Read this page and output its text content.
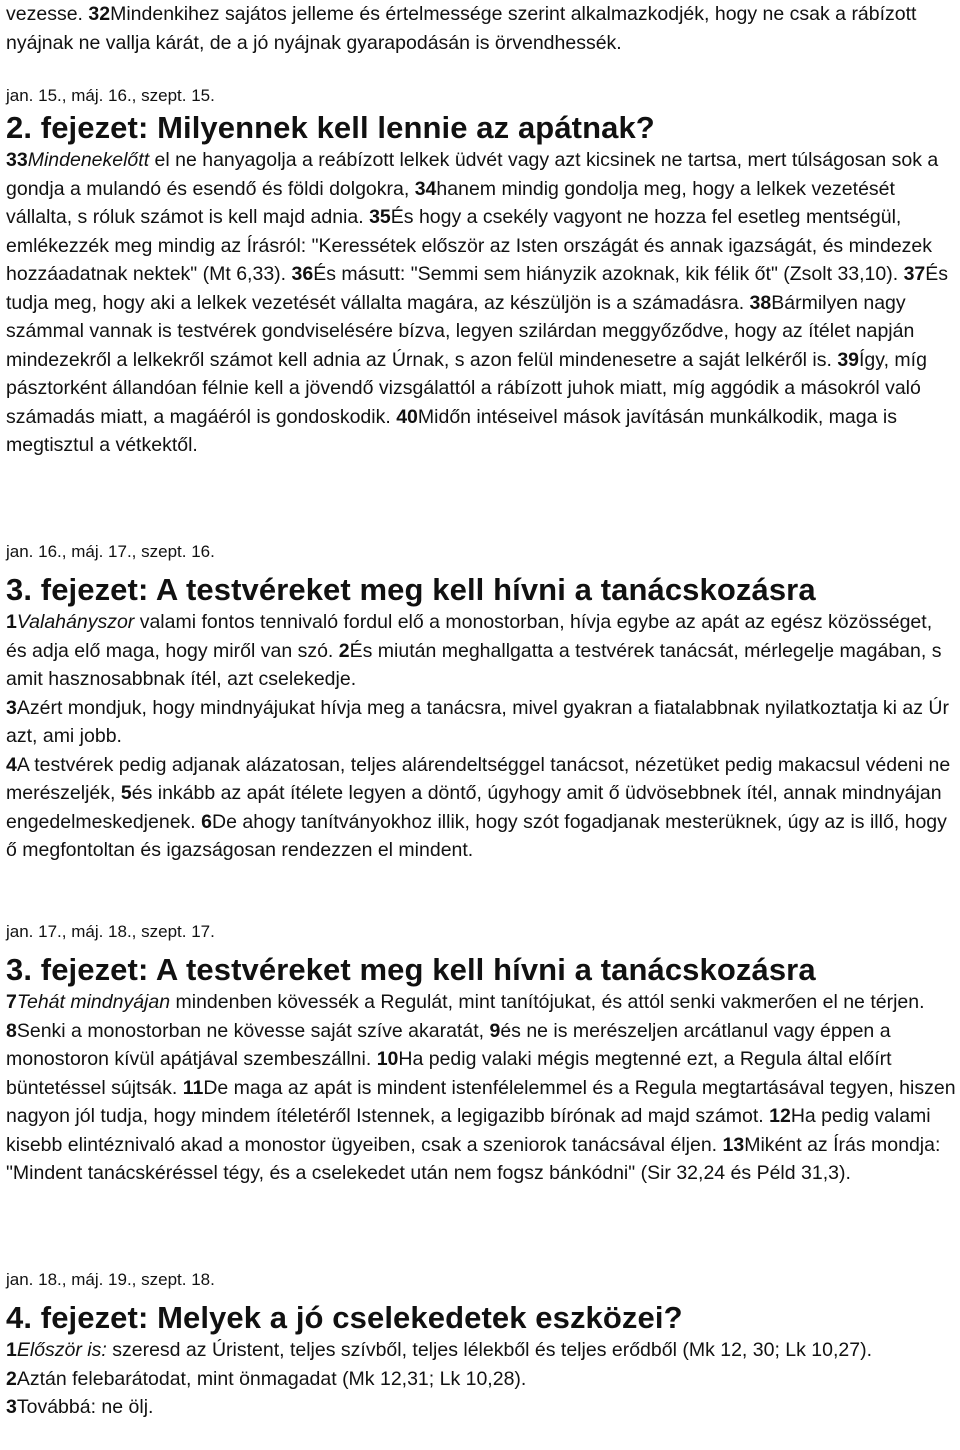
vezesse. 32Mindenkihez sajátos jelleme és értelmessége szerint alkalmazkodjék, hogy ne csak a rábízott nyájnak ne vallja kárát, de a jó nyájnak gyarapodásán is örvendhessék.

jan. 15., máj. 16., szept. 15.

2. fejezet: Milyennek kell lennie az apátnak?

33Mindenekelőtt el ne hanyagolja a reábízott lelkek üdvét vagy azt kicsinek ne tartsa, mert túlságosan sok a gondja a mulandó és esendő és földi dolgokra, 34hanem mindig gondolja meg, hogy a lelkek vezetését vállalta, s róluk számot is kell majd adnia. 35És hogy a csekély vagyont ne hozza fel esetleg mentségül, emlékezzék meg mindig az Írásról: "Keressétek először az Isten országát és annak igazságát, és mindezek hozzáadatnak nektek" (Mt 6,33). 36És másutt: "Semmi sem hiányzik azoknak, kik félik őt" (Zsolt 33,10). 37És tudja meg, hogy aki a lelkek vezetését vállalta magára, az készüljön is a számadásra. 38Bármilyen nagy számmal vannak is testvérek gondviselésére bízva, legyen szilárdan meggyőződve, hogy az ítélet napján mindezekről a lelkekről számot kell adnia az Úrnak, s azon felül mindenesetre a saját lelkéről is. 39Így, míg pásztorként állandóan félnie kell a jövendő vizsgálattól a rábízott juhok miatt, míg aggódik a másokról való számadás miatt, a magáéról is gondoskodik. 40Midőn intéseivel mások javításán munkálkodik, maga is megtisztul a vétkektől.

jan. 16., máj. 17., szept. 16.

3. fejezet: A testvéreket meg kell hívni a tanácskozásra

1Valahányszor valami fontos tennivaló fordul elő a monostorban, hívja egybe az apát az egész közösséget, és adja elő maga, hogy miről van szó. 2És miután meghallgatta a testvérek tanácsát, mérlegelje magában, s amit hasznosabbnak ítél, azt cselekedje.

3Azért mondjuk, hogy mindnyájukat hívja meg a tanácsra, mivel gyakran a fiatalabbnak nyilatkoztatja ki az Úr azt, ami jobb.

4A testvérek pedig adjanak alázatosan, teljes alárendeltséggel tanácsot, nézetüket pedig makacsul védeni ne merészeljék, 5és inkább az apát ítélete legyen a döntő, úgyhogy amit ő üdvösebbnek ítél, annak mindnyájan engedelmeskedjenek. 6De ahogy tanítványokhoz illik, hogy szót fogadjanak mesterüknek, úgy az is illő, hogy ő megfontoltan és igazságosan rendezzen el mindent.

jan. 17., máj. 18., szept. 17.

3. fejezet: A testvéreket meg kell hívni a tanácskozásra

7Tehát mindnyájan mindenben kövessék a Regulát, mint tanítójukat, és attól senki vakmerően el ne térjen. 8Senki a monostorban ne kövesse saját szíve akaratát, 9és ne is merészeljen arcátlanul vagy éppen a monostoron kívül apátjával szembeszállni. 10Ha pedig valaki mégis megtenné ezt, a Regula által előírt büntetéssel sújtsák. 11De maga az apát is mindent istenfélelemmel és a Regula megtartásával tegyen, hiszen nagyon jól tudja, hogy mindem ítéletéről Istennek, a legigazibb bírónak ad majd számot. 12Ha pedig valami kisebb elintéznivaló akad a monostor ügyeiben, csak a szeniorok tanácsával éljen. 13Miként az Írás mondja: "Mindent tanácskéréssel tégy, és a cselekedet után nem fogsz bánkódni" (Sir 32,24 és Péld 31,3).

jan. 18., máj. 19., szept. 18.

4. fejezet: Melyek a jó cselekedetek eszközei?

1Először is: szeresd az Úristent, teljes szívből, teljes lélekből és teljes erődből (Mk 12, 30; Lk 10,27).

2Aztán felebarátodat, mint önmagadat (Mk 12,31; Lk 10,28).

3Továbbá: ne ölj.
